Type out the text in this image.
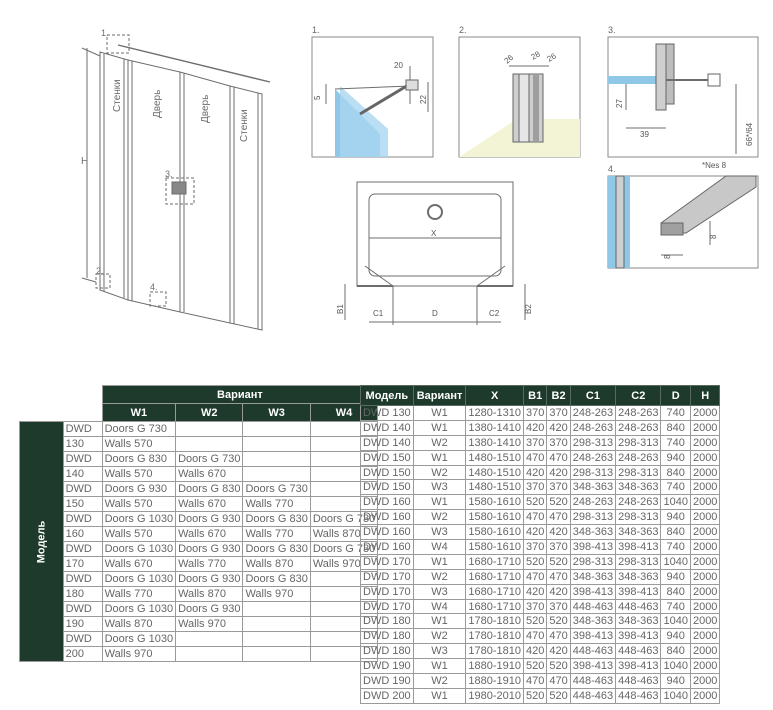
1.
2.
3.
4.
H
Стенки	Дверь	Дверь
Стенки
1.
20
5	22
2.
26 28 26
3.
27
39	66*/64
*Nes 8
4.
8
8
X
B1	B2
C1	D	C2
		Вариант			
		W1	W2	W3	W4

Модель	DWD	Doors G 730			
	130	Walls 570			
	DWD	Doors G 830	Doors G 730		
	140	Walls 570	Walls 670		
	DWD	Doors G 930	Doors G 830	Doors G 730	
	150	Walls 570	Walls 670	Walls 770	
	DWD	Doors G 1030	Doors G 930	Doors G 830	Doors G 730
	160	Walls 570	Walls 670	Walls 770	Walls 870
	DWD	Doors G 1030	Doors G 930	Doors G 830	Doors G 730
	170	Walls 670	Walls 770	Walls 870	Walls 970
	DWD	Doors G 1030	Doors G 930	Doors G 830	
	180	Walls 770	Walls 870	Walls 970	
	DWD	Doors G 1030	Doors G 930		
	190	Walls 870	Walls 970		
	DWD	Doors G 1030			
	200	Walls 970			
Модель	Вариант	X	B1	B2	C1	C2	D	H
DWD 130	W1	1280-1310	370	370	248-263	248-263	740	2000
DWD 140	W1	1380-1410	420	420	248-263	248-263	840	2000
DWD 140	W2	1380-1410	370	370	298-313	298-313	740	2000
DWD 150	W1	1480-1510	470	470	248-263	248-263	940	2000
DWD 150	W2	1480-1510	420	420	298-313	298-313	840	2000
DWD 150	W3	1480-1510	370	370	348-363	348-363	740	2000
DWD 160	W1	1580-1610	520	520	248-263	248-263	1040	2000
DWD 160	W2	1580-1610	470	470	298-313	298-313	940	2000
DWD 160	W3	1580-1610	420	420	348-363	348-363	840	2000
DWD 160	W4	1580-1610	370	370	398-413	398-413	740	2000
DWD 170	W1	1680-1710	520	520	298-313	298-313	1040	2000
DWD 170	W2	1680-1710	470	470	348-363	348-363	940	2000
DWD 170	W3	1680-1710	420	420	398-413	398-413	840	2000
DWD 170	W4	1680-1710	370	370	448-463	448-463	740	2000
DWD 180	W1	1780-1810	520	520	348-363	348-363	1040	2000
DWD 180	W2	1780-1810	470	470	398-413	398-413	940	2000
DWD 180	W3	1780-1810	420	420	448-463	448-463	840	2000
DWD 190	W1	1880-1910	520	520	398-413	398-413	1040	2000
DWD 190	W2	1880-1910	470	470	448-463	448-463	940	2000
DWD 200	W1	1980-2010	520	520	448-463	448-463	1040	2000
